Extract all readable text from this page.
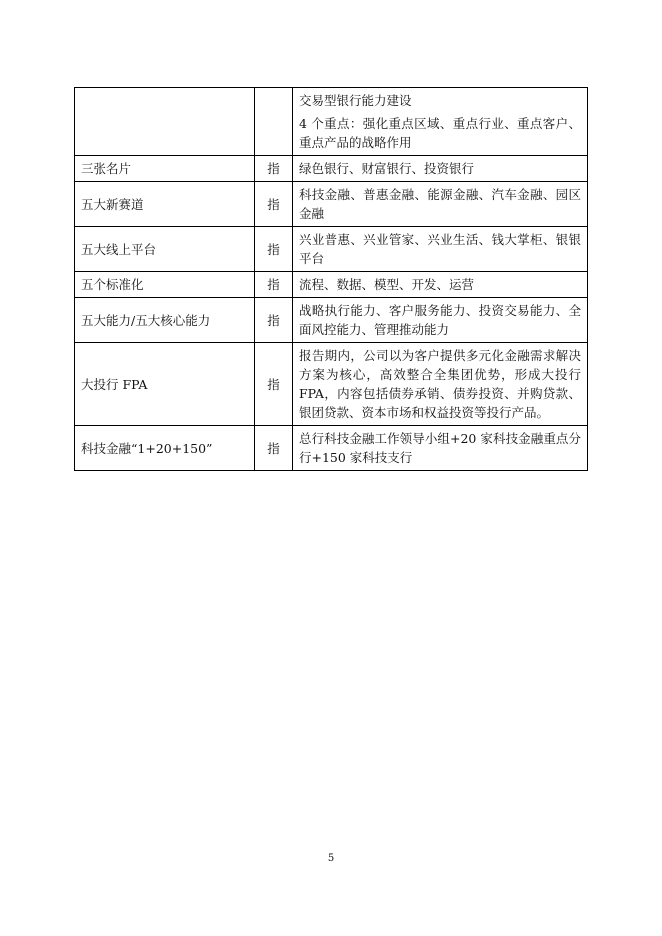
		交易型银行能力建设
4 个重点：强化重点区域、重点行业、重点客户、重点产品的战略作用

三张名片	指	绿色银行、财富银行、投资银行

五大新赛道	指	科技金融、普惠金融、能源金融、汽车金融、园区金融

五大线上平台	指	兴业普惠、兴业管家、兴业生活、钱大掌柜、银银平台

五个标准化	指	流程、数据、模型、开发、运营

五大能力/五大核心能力	指	战略执行能力、客户服务能力、投资交易能力、全面风控能力、管理推动能力

大投行 FPA	指	报告期内，公司以为客户提供多元化金融需求解决方案为核心，高效整合全集团优势，形成大投行 FPA，内容包括债券承销、债券投资、并购贷款、银团贷款、资本市场和权益投资等投行产品。

科技金融“1+20+150”	指	总行科技金融工作领导小组+20 家科技金融重点分行+150 家科技支行
5
